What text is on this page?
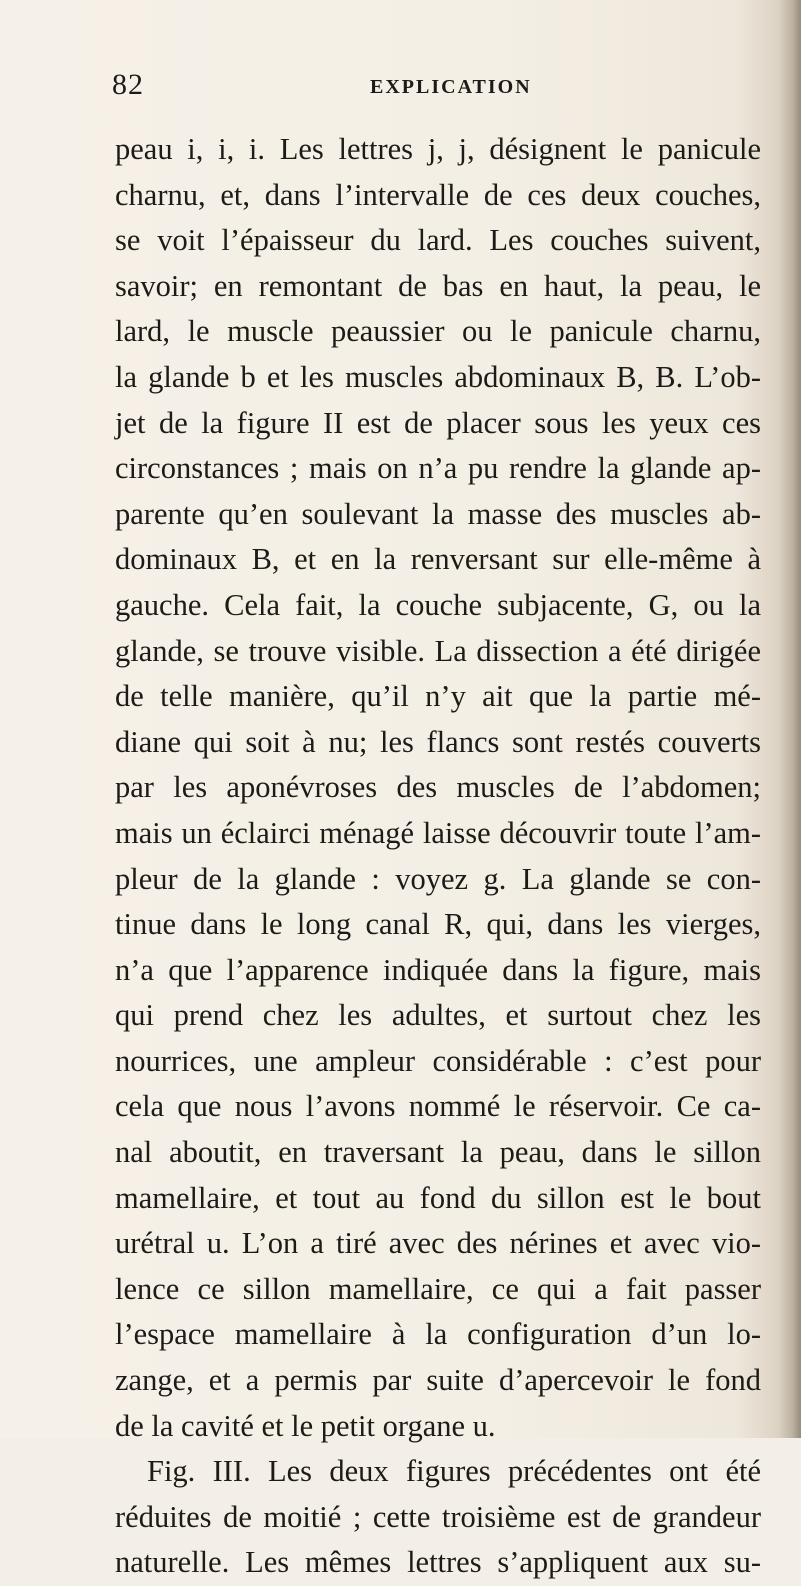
82	EXPLICATION
peau i, i, i. Les lettres j, j, désignent le panicule
charnu, et, dans l’intervalle de ces deux couches,
se voit l’épaisseur du lard. Les couches suivent,
savoir; en remontant de bas en haut, la peau, le
lard, le muscle peaussier ou le panicule charnu,
la glande b et les muscles abdominaux B, B. L’ob-
jet de la figure II est de placer sous les yeux ces
circonstances ; mais on n’a pu rendre la glande ap-
parente qu’en soulevant la masse des muscles ab-
dominaux B, et en la renversant sur elle-même à
gauche. Cela fait, la couche subjacente, G, ou la
glande, se trouve visible. La dissection a été dirigée
de telle manière, qu’il n’y ait que la partie mé-
diane qui soit à nu; les flancs sont restés couverts
par les aponévroses des muscles de l’abdomen;
mais un éclairci ménagé laisse découvrir toute l’am-
pleur de la glande : voyez g. La glande se con-
tinue dans le long canal R, qui, dans les vierges,
n’a que l’apparence indiquée dans la figure, mais
qui prend chez les adultes, et surtout chez les
nourrices, une ampleur considérable : c’est pour
cela que nous l’avons nommé le réservoir. Ce ca-
nal aboutit, en traversant la peau, dans le sillon
mamellaire, et tout au fond du sillon est le bout
urétral u. L’on a tiré avec des nérines et avec vio-
lence ce sillon mamellaire, ce qui a fait passer
l’espace mamellaire à la configuration d’un lo-
zange, et a permis par suite d’apercevoir le fond
de la cavité et le petit organe u.
Fig. III. Les deux figures précédentes ont été
réduites de moitié ; cette troisième est de grandeur
naturelle. Les mêmes lettres s’appliquent aux su-
